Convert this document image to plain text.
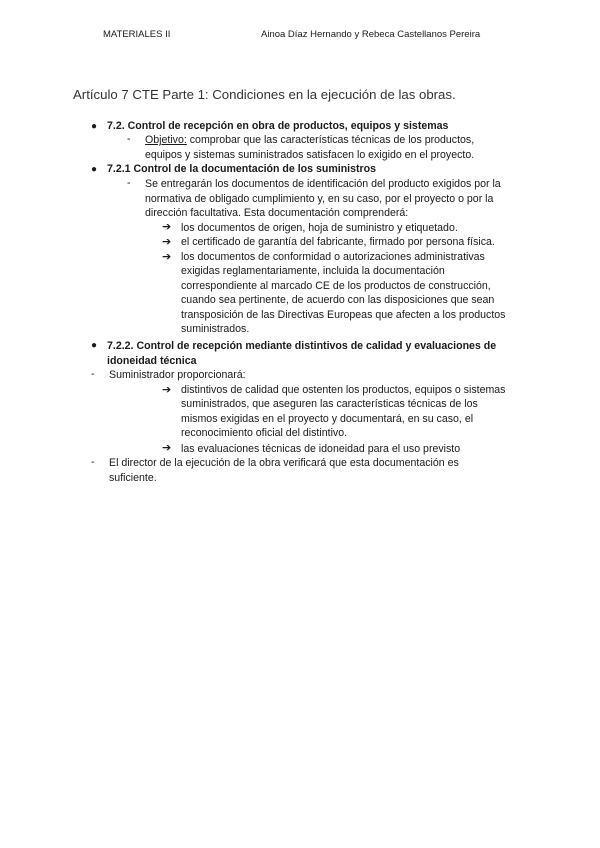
MATERIALES II	Ainoa Díaz Hernando y Rebeca Castellanos Pereira
Artículo 7 CTE Parte 1: Condiciones en la ejecución de las obras.
● 7.2. Control de recepción en obra de productos, equipos y sistemas
- Objetivo: comprobar que las características técnicas de los productos,
equipos y sistemas suministrados satisfacen lo exigido en el proyecto.
● 7.2.1 Control de la documentación de los suministros
- Se entregarán los documentos de identificación del producto exigidos por la
normativa de obligado cumplimiento y, en su caso, por el proyecto o por la
dirección facultativa. Esta documentación comprenderá:
➔ los documentos de origen, hoja de suministro y etiquetado.
➔ el certificado de garantía del fabricante, firmado por persona física.
➔ los documentos de conformidad o autorizaciones administrativas
exigidas reglamentariamente, incluida la documentación
correspondiente al marcado CE de los productos de construcción,
cuando sea pertinente, de acuerdo con las disposiciones que sean
transposición de las Directivas Europeas que afecten a los productos
suministrados.
● 7.2.2. Control de recepción mediante distintivos de calidad y evaluaciones de
idoneidad técnica
- Suministrador proporcionará:
➔ distintivos de calidad que ostenten los productos, equipos o sistemas
suministrados, que aseguren las características técnicas de los
mismos exigidas en el proyecto y documentará, en su caso, el
reconocimiento oficial del distintivo.
➔ las evaluaciones técnicas de idoneidad para el uso previsto
- El director de la ejecución de la obra verificará que esta documentación es
suficiente.
